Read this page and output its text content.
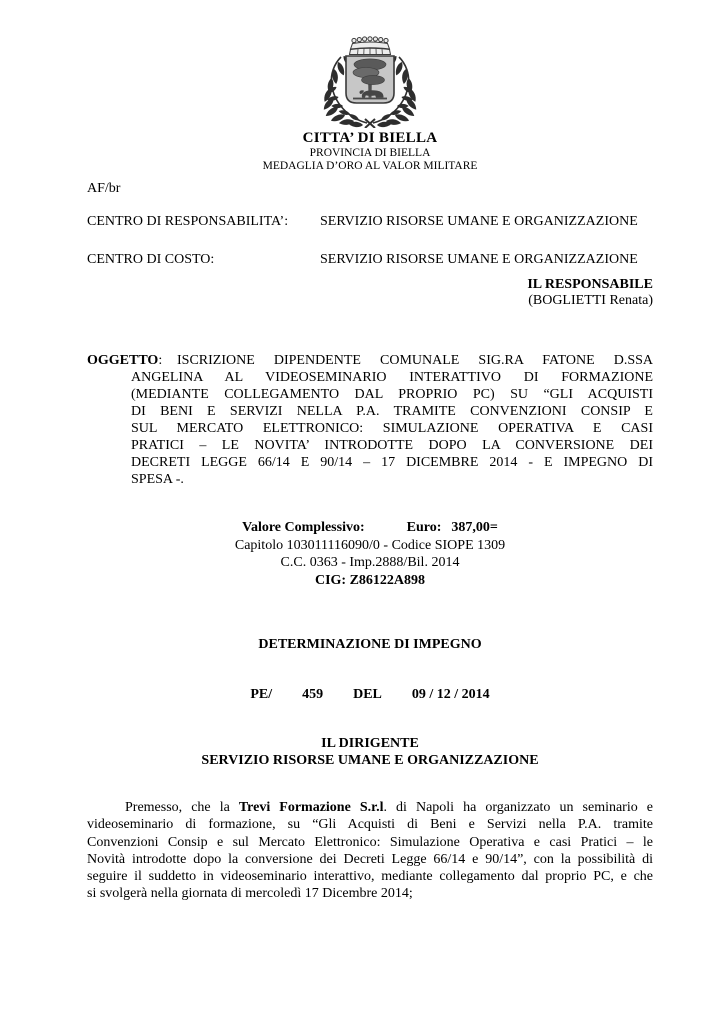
CITTA’ DI BIELLA
PROVINCIA DI BIELLA
MEDAGLIA D’ORO AL VALOR MILITARE
AF/br
CENTRO DI RESPONSABILITA’:	SERVIZIO RISORSE UMANE E ORGANIZZAZIONE
CENTRO DI COSTO:	SERVIZIO RISORSE UMANE E ORGANIZZAZIONE
IL RESPONSABILE
(BOGLIETTI Renata)
OGGETTO:	ISCRIZIONE DIPENDENTE COMUNALE SIG.RA FATONE D.SSA
ANGELINA AL VIDEOSEMINARIO INTERATTIVO DI FORMAZIONE
(MEDIANTE COLLEGAMENTO DAL PROPRIO PC) SU “GLI ACQUISTI
DI BENI E SERVIZI NELLA P.A. TRAMITE CONVENZIONI CONSIP E
SUL MERCATO ELETTRONICO: SIMULAZIONE OPERATIVA E CASI
PRATICI – LE NOVITA’ INTRODOTTE DOPO LA CONVERSIONE DEI
DECRETI LEGGE 66/14 E 90/14 – 17 DICEMBRE 2014 - E IMPEGNO DI
SPESA -.
Valore Complessivo:	Euro: 387,00=
Capitolo 103011116090/0 - Codice SIOPE 1309
C.C. 0363 - Imp.2888/Bil. 2014
CIG: Z86122A898
DETERMINAZIONE DI IMPEGNO
PE/ 459 DEL 09 / 12 / 2014
IL DIRIGENTE
SERVIZIO RISORSE UMANE E ORGANIZZAZIONE
Premesso, che la Trevi Formazione S.r.l. di Napoli ha organizzato un seminario e
videoseminario di formazione, su “Gli Acquisti di Beni e Servizi nella P.A. tramite
Convenzioni Consip e sul Mercato Elettronico: Simulazione Operativa e casi Pratici – le
Novità introdotte dopo la conversione dei Decreti Legge 66/14 e 90/14”, con la possibilità di
seguire il suddetto in videoseminario interattivo, mediante collegamento dal proprio PC, e che
si svolgerà nella giornata di mercoledì 17 Dicembre 2014;
